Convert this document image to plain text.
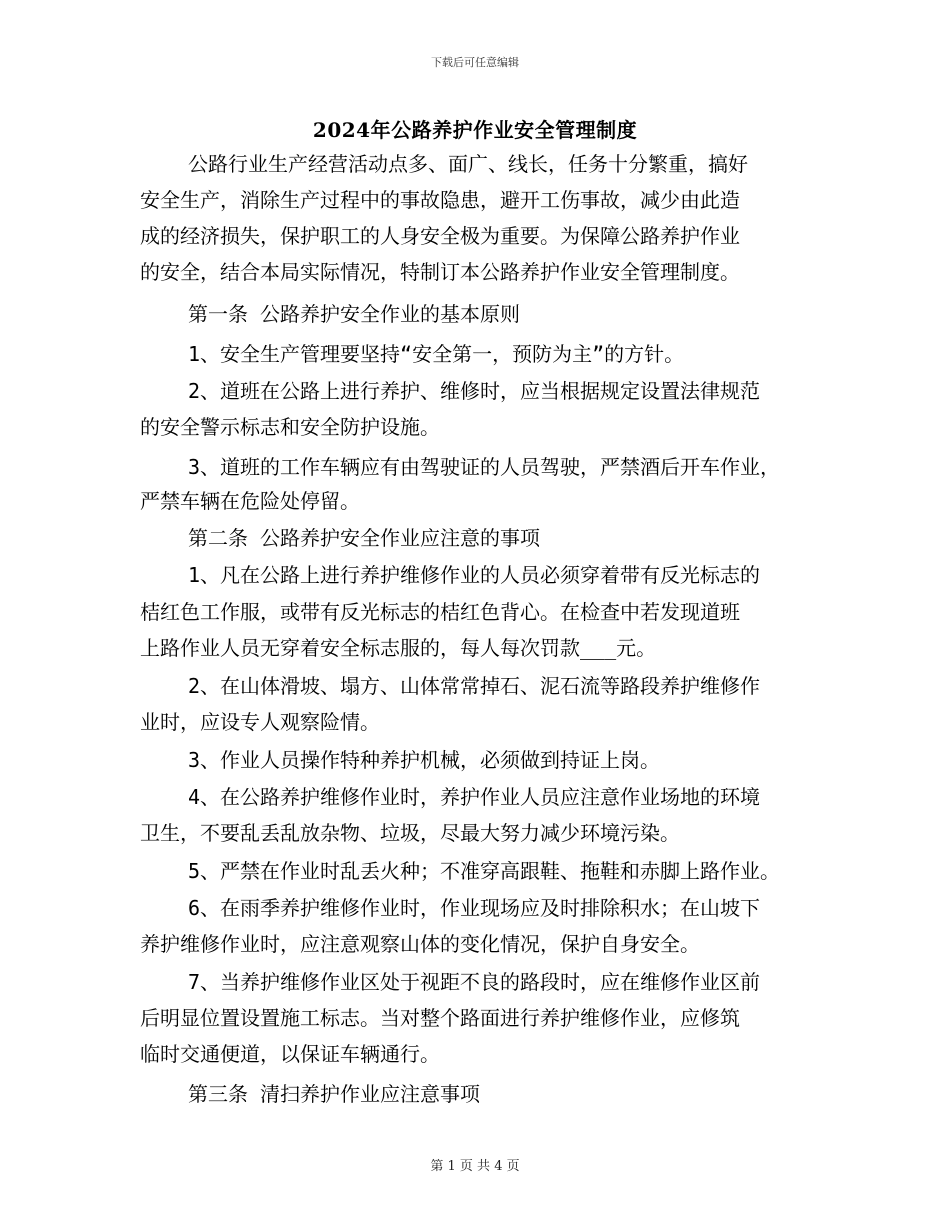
下载后可任意编辑
2024年公路养护作业安全管理制度
公路行业生产经营活动点多、面广、线长，任务十分繁重，搞好
安全生产，消除生产过程中的事故隐患，避开工伤事故，减少由此造
成的经济损失，保护职工的人身安全极为重要。为保障公路养护作业
的安全，结合本局实际情况，特制订本公路养护作业安全管理制度。
第一条 公路养护安全作业的基本原则
1、安全生产管理要坚持“安全第一，预防为主”的方针。
2、道班在公路上进行养护、维修时，应当根据规定设置法律规范
的安全警示标志和安全防护设施。
3、道班的工作车辆应有由驾驶证的人员驾驶，严禁酒后开车作业，
严禁车辆在危险处停留。
第二条 公路养护安全作业应注意的事项
1、凡在公路上进行养护维修作业的人员必须穿着带有反光标志的
桔红色工作服，或带有反光标志的桔红色背心。在检查中若发现道班
上路作业人员无穿着安全标志服的，每人每次罚款___元。
2、在山体滑坡、塌方、山体常常掉石、泥石流等路段养护维修作
业时，应设专人观察险情。
3、作业人员操作特种养护机械，必须做到持证上岗。
4、在公路养护维修作业时，养护作业人员应注意作业场地的环境
卫生，不要乱丢乱放杂物、垃圾，尽最大努力减少环境污染。
5、严禁在作业时乱丢火种；不准穿高跟鞋、拖鞋和赤脚上路作业。
6、在雨季养护维修作业时，作业现场应及时排除积水；在山坡下
养护维修作业时，应注意观察山体的变化情况，保护自身安全。
7、当养护维修作业区处于视距不良的路段时，应在维修作业区前
后明显位置设置施工标志。当对整个路面进行养护维修作业，应修筑
临时交通便道，以保证车辆通行。
第三条 清扫养护作业应注意事项
第 1 页 共 4 页
